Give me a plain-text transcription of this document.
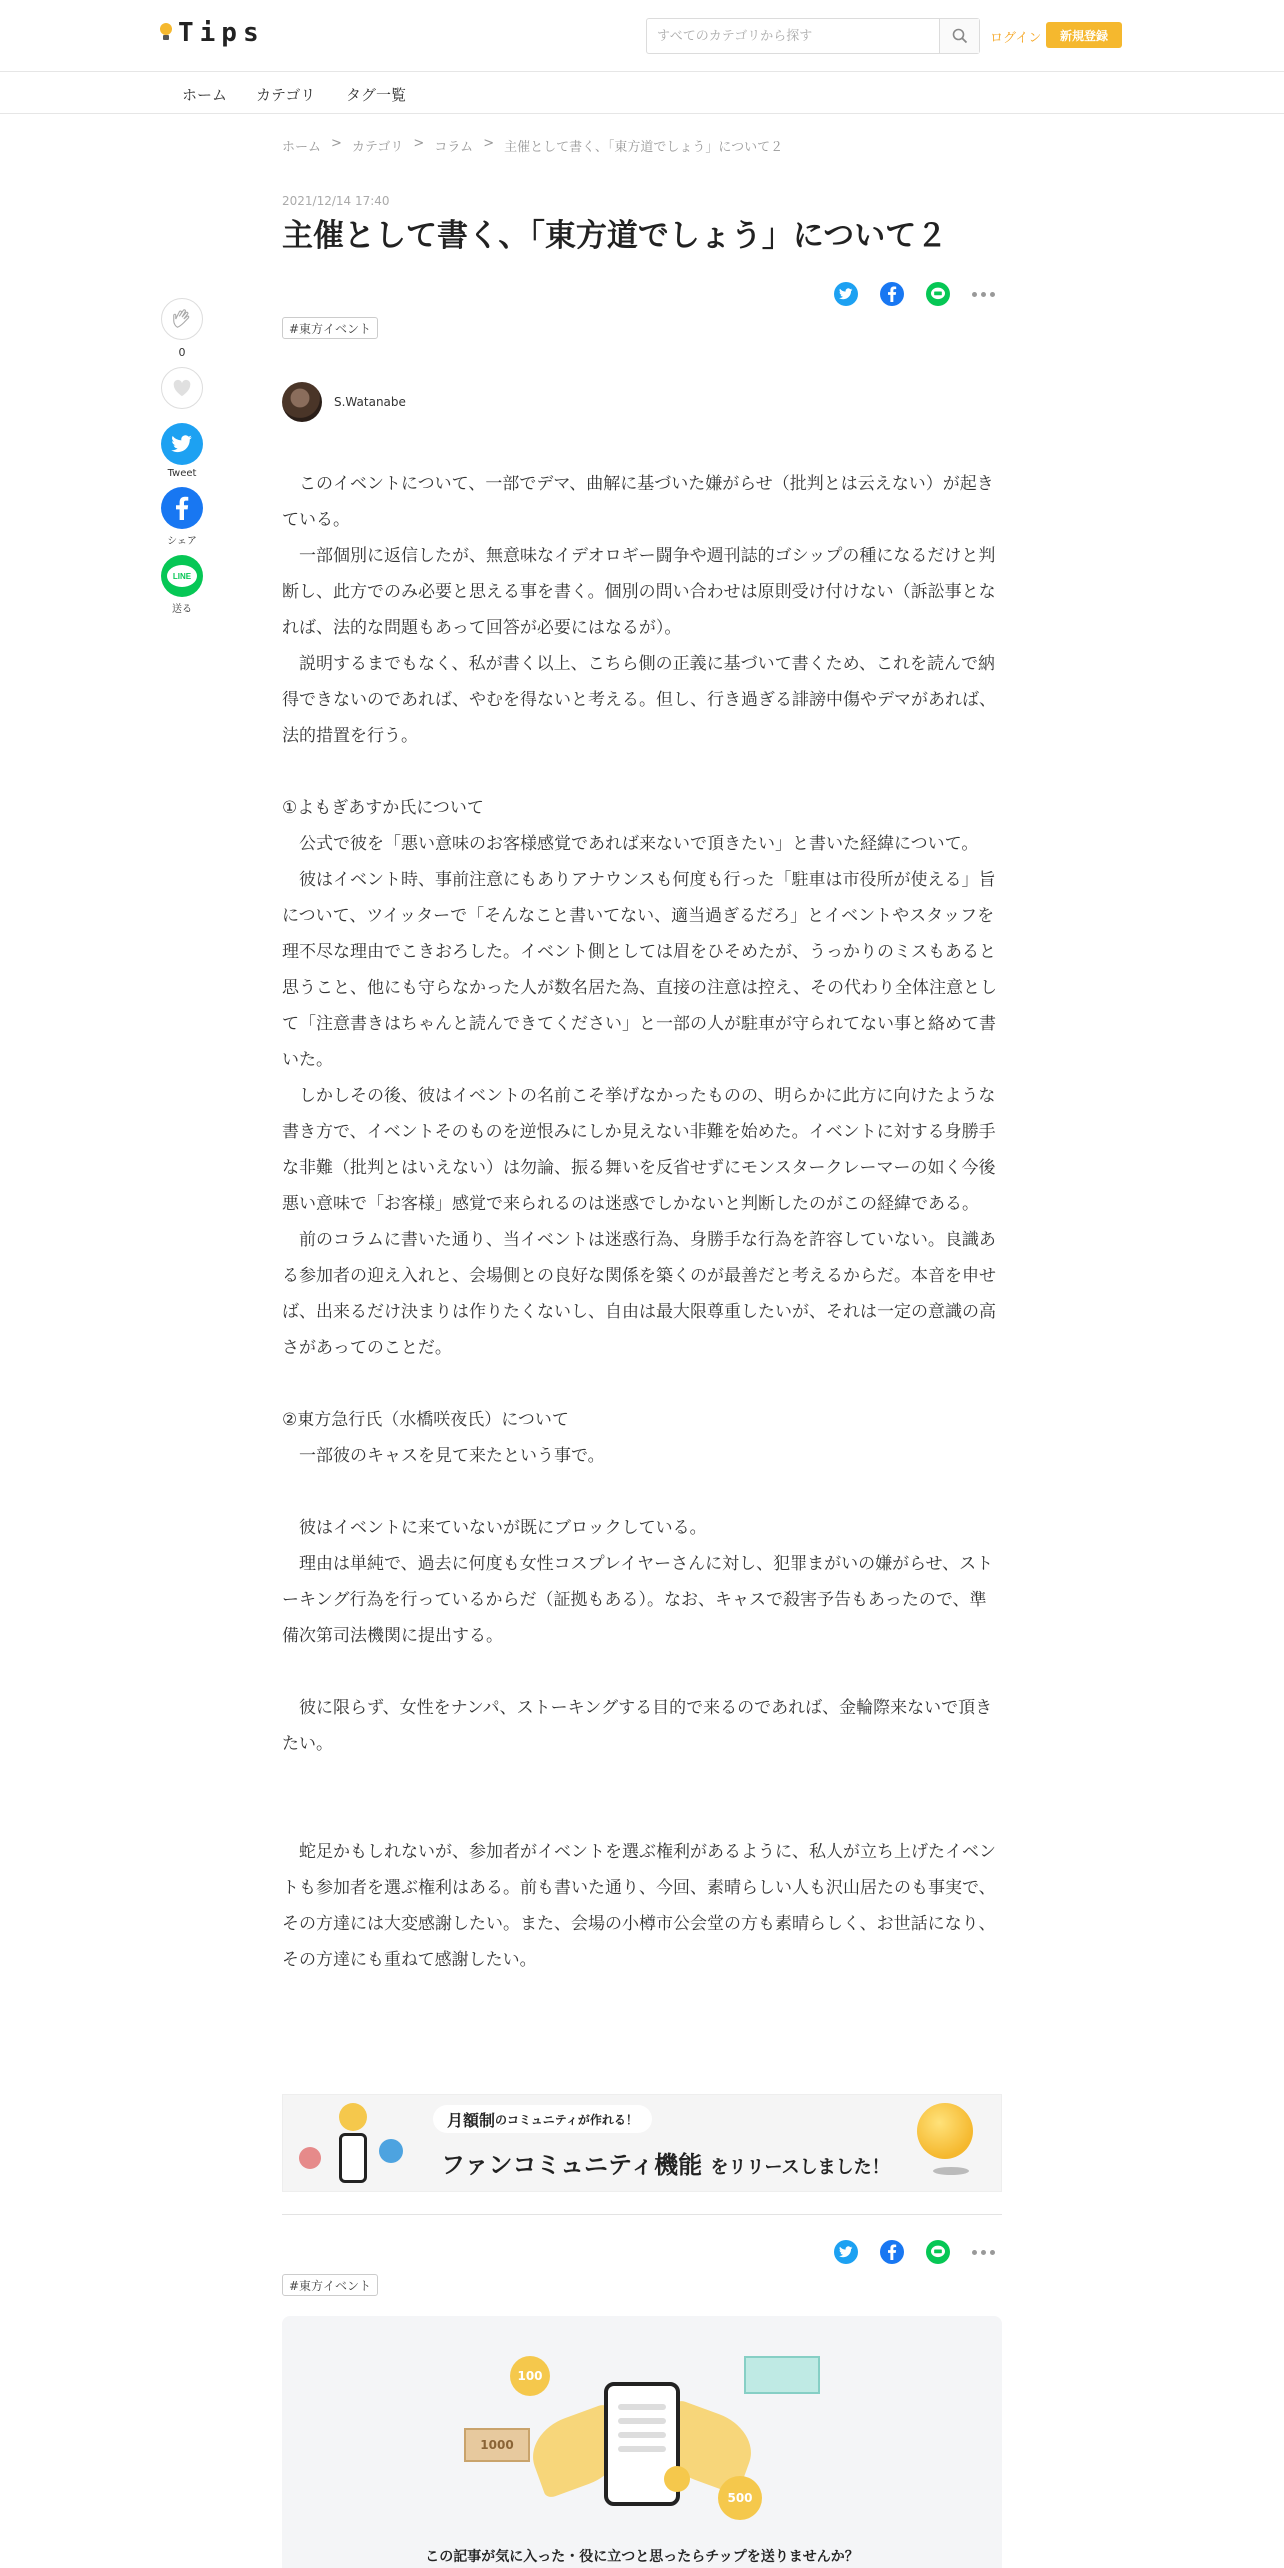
Tips
すべてのカテゴリから探す	ログイン	新規登録
ホーム カテゴリ タグ一覧
ホーム > カテゴリ > コラム > 主催として書く、「東方道でしょう」について２
2021/12/14 17:40
主催として書く、「東方道でしょう」について２
#東方イベント
S.Watanabe
0
Tweet
シェア
LINE
送る

　このイベントについて、一部でデマ、曲解に基づいた嫌がらせ（批判とは云えない）が起きている。

　一部個別に返信したが、無意味なイデオロギー闘争や週刊誌的ゴシップの種になるだけと判断し、此方でのみ必要と思える事を書く。個別の問い合わせは原則受け付けない（訴訟事となれば、法的な問題もあって回答が必要にはなるが）。

　説明するまでもなく、私が書く以上、こちら側の正義に基づいて書くため、これを読んで納得できないのであれば、やむを得ないと考える。但し、行き過ぎる誹謗中傷やデマがあれば、法的措置を行う。

①よもぎあすか氏について

　公式で彼を「悪い意味のお客様感覚であれば来ないで頂きたい」と書いた経緯について。

　彼はイベント時、事前注意にもありアナウンスも何度も行った「駐車は市役所が使える」旨について、ツイッターで「そんなこと書いてない、適当過ぎるだろ」とイベントやスタッフを理不尽な理由でこきおろした。イベント側としては眉をひそめたが、うっかりのミスもあると思うこと、他にも守らなかった人が数名居た為、直接の注意は控え、その代わり全体注意として「注意書きはちゃんと読んできてください」と一部の人が駐車が守られてない事と絡めて書いた。

　しかしその後、彼はイベントの名前こそ挙げなかったものの、明らかに此方に向けたような書き方で、イベントそのものを逆恨みにしか見えない非難を始めた。イベントに対する身勝手な非難（批判とはいえない）は勿論、振る舞いを反省せずにモンスタークレーマーの如く今後悪い意味で「お客様」感覚で来られるのは迷惑でしかないと判断したのがこの経緯である。

　前のコラムに書いた通り、当イベントは迷惑行為、身勝手な行為を許容していない。良識ある参加者の迎え入れと、会場側との良好な関係を築くのが最善だと考えるからだ。本音を申せば、出来るだけ決まりは作りたくないし、自由は最大限尊重したいが、それは一定の意識の高さがあってのことだ。

②東方急行氏（水橋咲夜氏）について

　一部彼のキャスを見て来たという事で。

　彼はイベントに来ていないが既にブロックしている。

　理由は単純で、過去に何度も女性コスプレイヤーさんに対し、犯罪まがいの嫌がらせ、ストーキング行為を行っているからだ（証拠もある）。なお、キャスで殺害予告もあったので、準備次第司法機関に提出する。

　彼に限らず、女性をナンパ、ストーキングする目的で来るのであれば、金輪際来ないで頂きたい。

　蛇足かもしれないが、参加者がイベントを選ぶ権利があるように、私人が立ち上げたイベントも参加者を選ぶ権利はある。前も書いた通り、今回、素晴らしい人も沢山居たのも事実で、その方達には大変感謝したい。また、会場の小樽市公会堂の方も素晴らしく、お世話になり、その方達にも重ねて感謝したい。

月額制 のコミュニティ が作れる！
ファンコミュニティ機能 をリリースしました！
#東方イベント
100
1000
500
この記事が気に入った・役に立つと思ったらチップを送りませんか？
